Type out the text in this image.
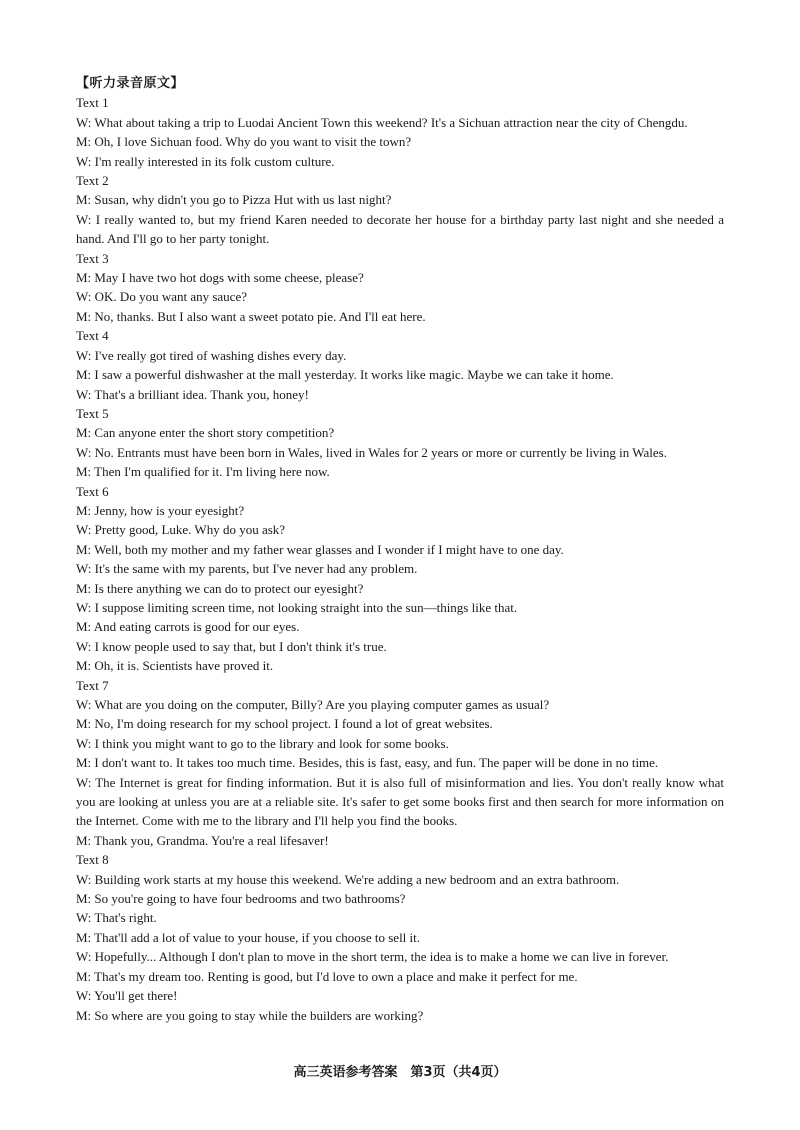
【听力录音原文】
Text 1

W: What about taking a trip to Luodai Ancient Town this weekend? It's a Sichuan attraction near the city of Chengdu.

M: Oh, I love Sichuan food. Why do you want to visit the town?

W: I'm really interested in its folk custom culture.

Text 2

M: Susan, why didn't you go to Pizza Hut with us last night?

W: I really wanted to, but my friend Karen needed to decorate her house for a birthday party last night and she needed a hand. And I'll go to her party tonight.

Text 3

M: May I have two hot dogs with some cheese, please?

W: OK. Do you want any sauce?

M: No, thanks. But I also want a sweet potato pie. And I'll eat here.

Text 4

W: I've really got tired of washing dishes every day.

M: I saw a powerful dishwasher at the mall yesterday. It works like magic. Maybe we can take it home.

W: That's a brilliant idea. Thank you, honey!

Text 5

M: Can anyone enter the short story competition?

W: No. Entrants must have been born in Wales, lived in Wales for 2 years or more or currently be living in Wales.

M: Then I'm qualified for it. I'm living here now.

Text 6

M: Jenny, how is your eyesight?

W: Pretty good, Luke. Why do you ask?

M: Well, both my mother and my father wear glasses and I wonder if I might have to one day.

W: It's the same with my parents, but I've never had any problem.

M: Is there anything we can do to protect our eyesight?

W: I suppose limiting screen time, not looking straight into the sun—things like that.

M: And eating carrots is good for our eyes.

W: I know people used to say that, but I don't think it's true.

M: Oh, it is. Scientists have proved it.

Text 7

W: What are you doing on the computer, Billy? Are you playing computer games as usual?

M: No, I'm doing research for my school project. I found a lot of great websites.

W: I think you might want to go to the library and look for some books.

M: I don't want to. It takes too much time. Besides, this is fast, easy, and fun. The paper will be done in no time.

W: The Internet is great for finding information. But it is also full of misinformation and lies. You don't really know what you are looking at unless you are at a reliable site. It's safer to get some books first and then search for more information on the Internet. Come with me to the library and I'll help you find the books.

M: Thank you, Grandma. You're a real lifesaver!

Text 8

W: Building work starts at my house this weekend. We're adding a new bedroom and an extra bathroom.

M: So you're going to have four bedrooms and two bathrooms?

W: That's right.

M: That'll add a lot of value to your house, if you choose to sell it.

W: Hopefully... Although I don't plan to move in the short term, the idea is to make a home we can live in forever.

M: That's my dream too. Renting is good, but I'd love to own a place and make it perfect for me.

W: You'll get there!

M: So where are you going to stay while the builders are working?

高三英语参考答案　第3页（共4页）
